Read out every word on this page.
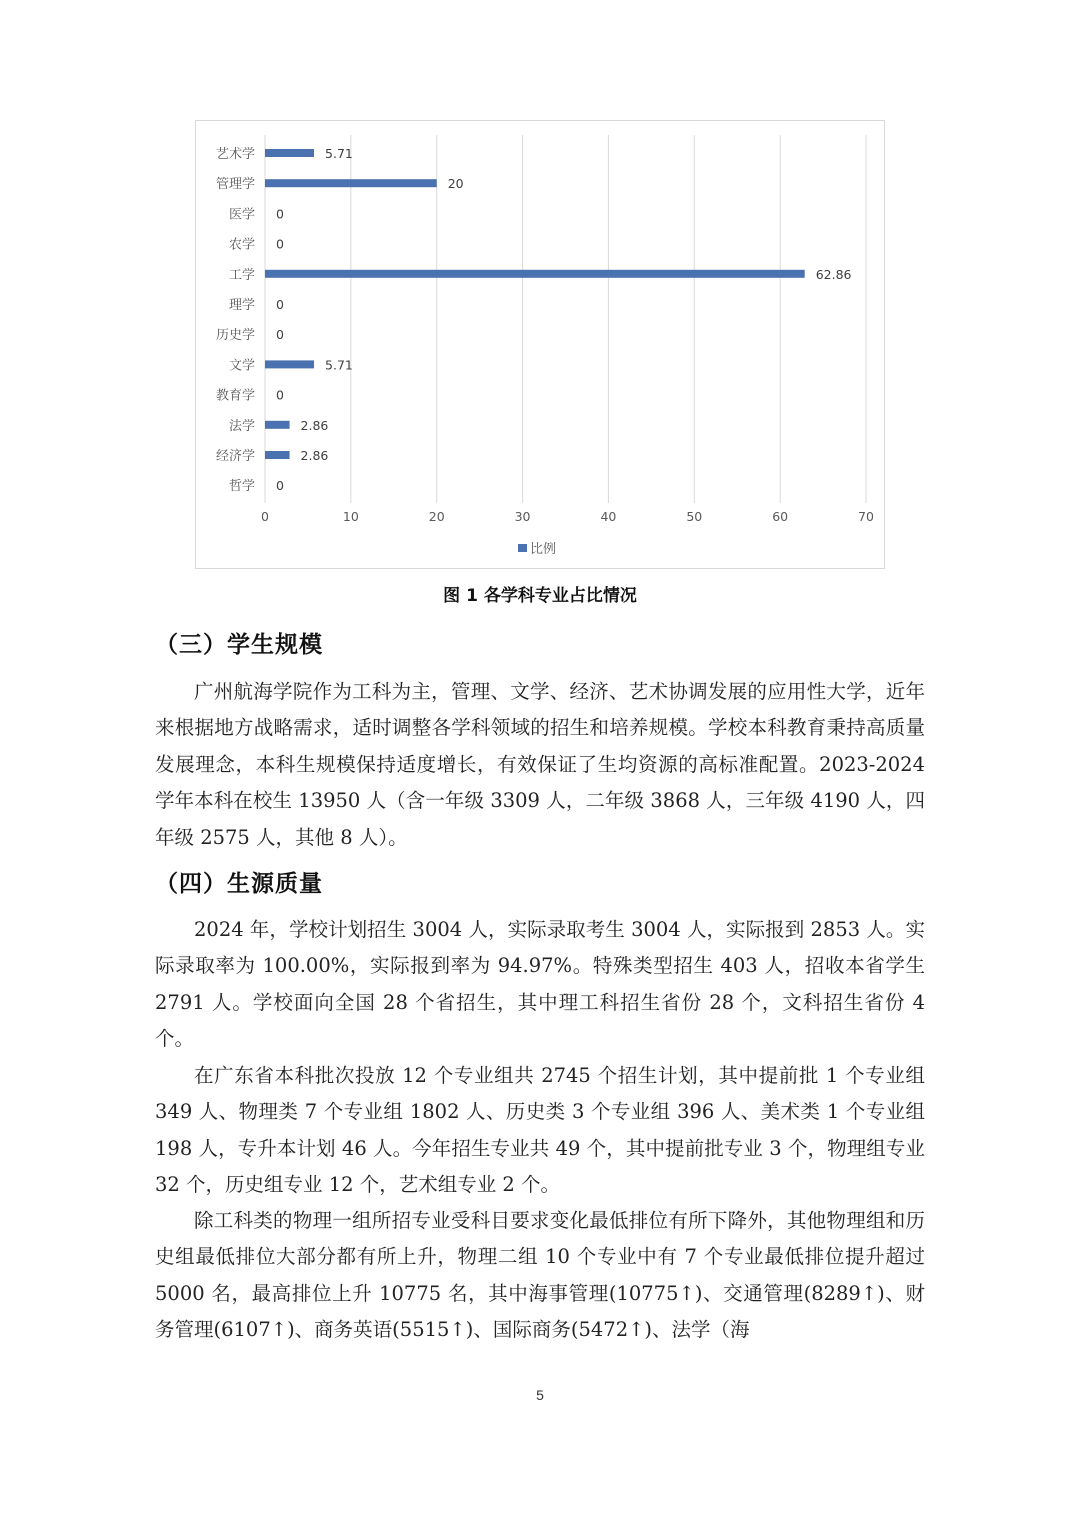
0	10	20	30	40	50	60	70
艺术学	5.71
管理学	20
医学 0
农学 0
工学	62.86
理学 0
历史学 0
文学	5.71
教育学 0
法学	2.86
经济学	2.86
哲学 0
比例
图 1 各学科专业占比情况
（三）学生规模

广州航海学院作为工科为主，管理、文学、经济、艺术协调发展的应用性大学，近年来根据地方战略需求，适时调整各学科领域的招生和培养规模。学校本科教育秉持高质量发展理念，本科生规模保持适度增长，有效保证了生均资源的高标准配置。2023-2024 学年本科在校生 13950 人（含一年级 3309 人，二年级 3868 人，三年级 4190 人，四年级 2575 人，其他 8 人）。

（四）生源质量

2024 年，学校计划招生 3004 人，实际录取考生 3004 人，实际报到 2853 人。实际录取率为 100.00%，实际报到率为 94.97%。特殊类型招生 403 人，招收本省学生 2791 人。学校面向全国 28 个省招生，其中理工科招生省份 28 个，文科招生省份 4 个。

在广东省本科批次投放 12 个专业组共 2745 个招生计划，其中提前批 1 个专业组 349 人、物理类 7 个专业组 1802 人、历史类 3 个专业组 396 人、美术类 1 个专业组 198 人，专升本计划 46 人。今年招生专业共 49 个，其中提前批专业 3 个，物理组专业 32 个，历史组专业 12 个，艺术组专业 2 个。

除工科类的物理一组所招专业受科目要求变化最低排位有所下降外，其他物理组和历史组最低排位大部分都有所上升，物理二组 10 个专业中有 7 个专业最低排位提升超过 5000 名，最高排位上升 10775 名，其中海事管理(10775↑)、交通管理(8289↑)、财务管理(6107↑)、商务英语(5515↑)、国际商务(5472↑)、法学（海

5
